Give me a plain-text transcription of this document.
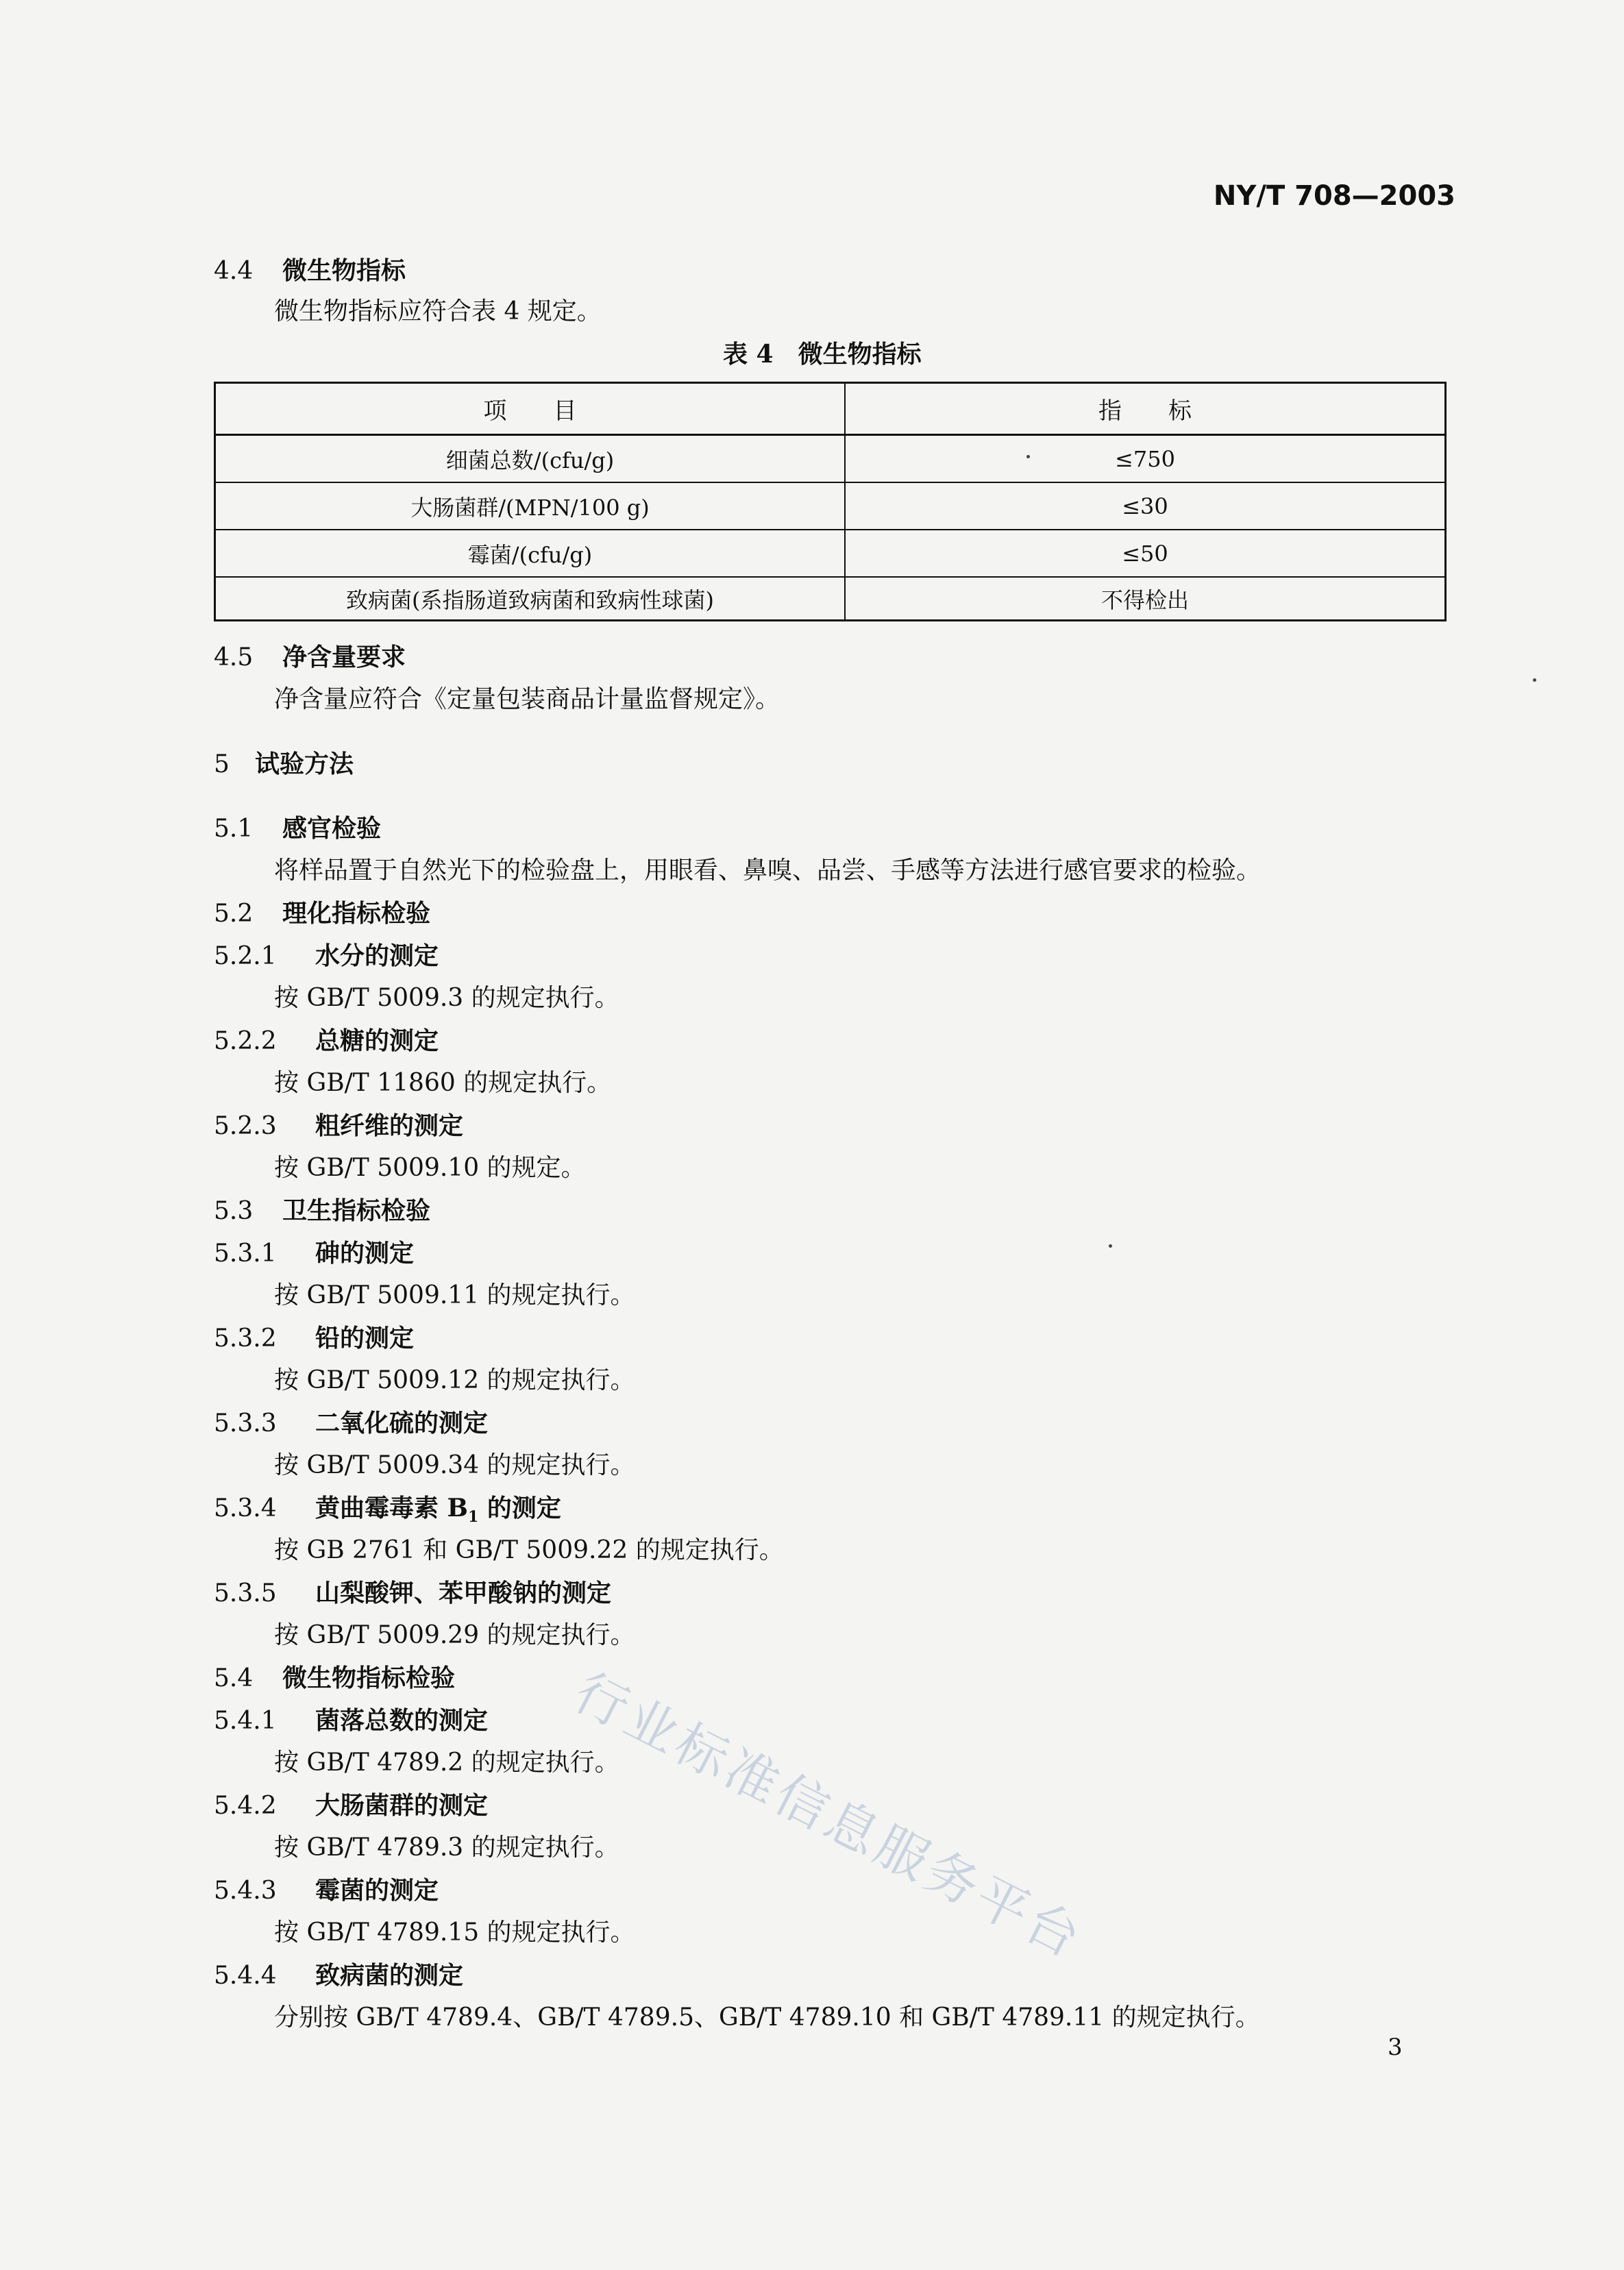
NY/T 708—2003
4.4 微生物指标
微生物指标应符合表 4 规定。
表 4　微生物指标
项　　目	指　　标
细菌总数/(cfu/g)	≤750
大肠菌群/(MPN/100 g)	≤30
霉菌/(cfu/g)	≤50
致病菌(系指肠道致病菌和致病性球菌)	不得检出
4.5 净含量要求
净含量应符合《定量包装商品计量监督规定》。
5 试验方法
5.1 感官检验
将样品置于自然光下的检验盘上，用眼看、鼻嗅、品尝、手感等方法进行感官要求的检验。
5.2 理化指标检验
5.2.1 水分的测定
按 GB/T 5009.3 的规定执行。
5.2.2 总糖的测定
按 GB/T 11860 的规定执行。
5.2.3 粗纤维的测定
按 GB/T 5009.10 的规定。
5.3 卫生指标检验
5.3.1 砷的测定
按 GB/T 5009.11 的规定执行。
5.3.2 铅的测定
按 GB/T 5009.12 的规定执行。
5.3.3 二氧化硫的测定
按 GB/T 5009.34 的规定执行。
5.3.4 黄曲霉毒素 $B_1$ 的测定
按 GB 2761 和 GB/T 5009.22 的规定执行。
5.3.5 山梨酸钾、苯甲酸钠的测定
按 GB/T 5009.29 的规定执行。
5.4 微生物指标检验
5.4.1 菌落总数的测定
按 GB/T 4789.2 的规定执行。
5.4.2 大肠菌群的测定
按 GB/T 4789.3 的规定执行。
5.4.3 霉菌的测定
按 GB/T 4789.15 的规定执行。
5.4.4 致病菌的测定
分别按 GB/T 4789.4、GB/T 4789.5、GB/T 4789.10 和 GB/T 4789.11 的规定执行。
3
行业标准信息服务平台
